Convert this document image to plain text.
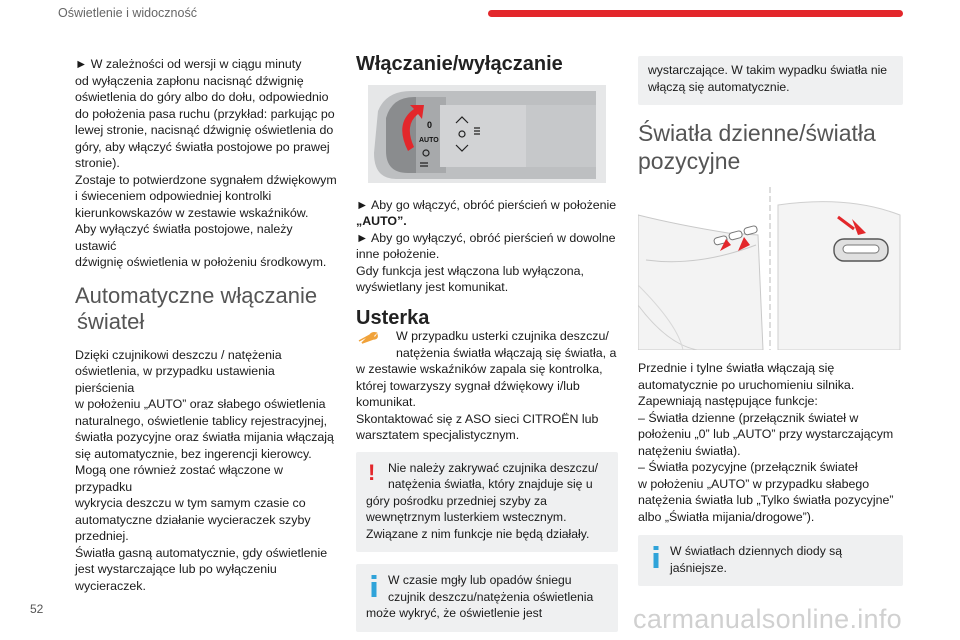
Oświetlenie i widoczność
► W zależności od wersji w ciągu minuty
od wyłączenia zapłonu nacisnąć dźwignię
oświetlenia do góry albo do dołu, odpowiednio
do położenia pasa ruchu (przykład: parkując po
lewej stronie, nacisnąć dźwignię oświetlenia do
góry, aby włączyć światła postojowe po prawej
stronie).
Zostaje to potwierdzone sygnałem dźwiękowym
i świeceniem odpowiedniej kontrolki
kierunkowskazów w zestawie wskaźników.
Aby wyłączyć światła postojowe, należy ustawić
dźwignię oświetlenia w położeniu środkowym.
Automatyczne włączanie
świateł
Dzięki czujnikowi deszczu / natężenia
oświetlenia, w przypadku ustawienia pierścienia
w położeniu „AUTO” oraz słabego oświetlenia
naturalnego, oświetlenie tablicy rejestracyjnej,
światła pozycyjne oraz światła mijania włączają
się automatycznie, bez ingerencji kierowcy.
Mogą one również zostać włączone w przypadku
wykrycia deszczu w tym samym czasie co
automatyczne działanie wycieraczek szyby
przedniej.
Światła gasną automatycznie, gdy oświetlenie
jest wystarczające lub po wyłączeniu
wycieraczek.
Włączanie/wyłączanie
0
AUTO
► Aby go włączyć, obróć pierścień w położenie
„AUTO”.
► Aby go wyłączyć, obróć pierścień w dowolne
inne położenie.
Gdy funkcja jest włączona lub wyłączona,
wyświetlany jest komunikat.
Usterka
W przypadku usterki czujnika deszczu/
natężenia światła włączają się światła, a
w zestawie wskaźników zapala się kontrolka,
której towarzyszy sygnał dźwiękowy i/lub
komunikat.
Skontaktować się z ASO sieci CITROËN lub
warsztatem specjalistycznym.
!	Nie należy zakrywać czujnika deszczu/
natężenia światła, który znajduje się u
góry pośrodku przedniej szyby za
wewnętrznym lusterkiem wstecznym.
Związane z nim funkcje nie będą działały.
W czasie mgły lub opadów śniegu
czujnik deszczu/natężenia oświetlenia
może wykryć, że oświetlenie jest
wystarczające. W takim wypadku światła nie
włączą się automatycznie.
Światła dzienne/światła
pozycyjne
Przednie i tylne światła włączają się
automatycznie po uruchomieniu silnika.
Zapewniają następujące funkcje:
– Światła dzienne (przełącznik świateł w
położeniu „0” lub „AUTO” przy wystarczającym
natężeniu światła).
– Światła pozycyjne (przełącznik świateł
w położeniu „AUTO” w przypadku słabego
natężenia światła lub „Tylko światła pozycyjne”
albo „Światła mijania/drogowe”).
W światłach dziennych diody są
jaśniejsze.
52	carmanualsonline.info
